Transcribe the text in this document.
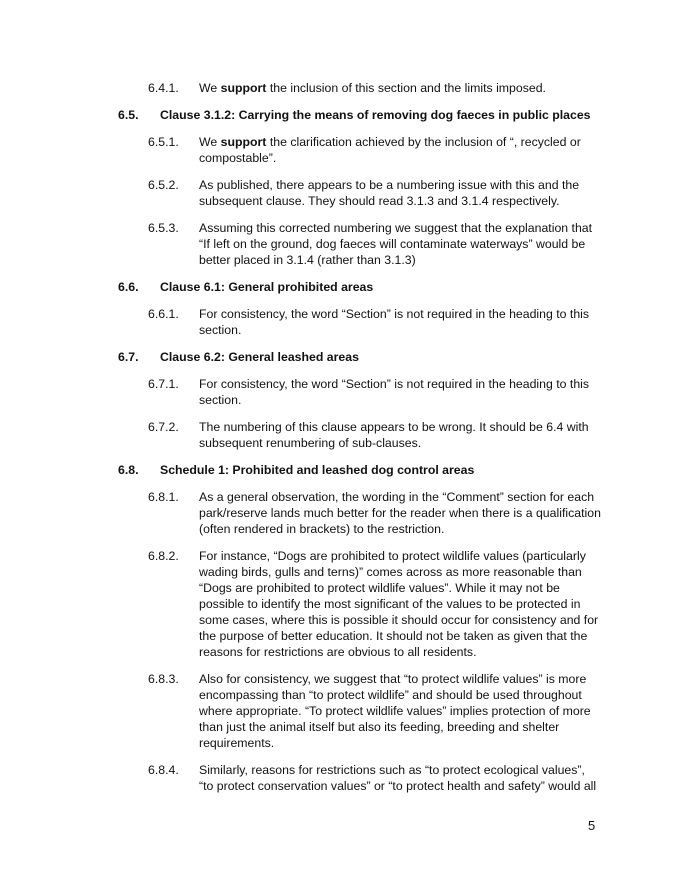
6.4.1. We support the inclusion of this section and the limits imposed.
6.5. Clause 3.1.2: Carrying the means of removing dog faeces in public places
6.5.1. We support the clarification achieved by the inclusion of “, recycled or
compostable”.
6.5.2. As published, there appears to be a numbering issue with this and the
subsequent clause. They should read 3.1.3 and 3.1.4 respectively.
6.5.3. Assuming this corrected numbering we suggest that the explanation that
“If left on the ground, dog faeces will contaminate waterways” would be
better placed in 3.1.4 (rather than 3.1.3)
6.6. Clause 6.1: General prohibited areas
6.6.1. For consistency, the word “Section” is not required in the heading to this
section.
6.7. Clause 6.2: General leashed areas
6.7.1. For consistency, the word “Section” is not required in the heading to this
section.
6.7.2. The numbering of this clause appears to be wrong. It should be 6.4 with
subsequent renumbering of sub-clauses.
6.8. Schedule 1: Prohibited and leashed dog control areas
6.8.1. As a general observation, the wording in the “Comment” section for each
park/reserve lands much better for the reader when there is a qualification
(often rendered in brackets) to the restriction.
6.8.2. For instance, “Dogs are prohibited to protect wildlife values (particularly
wading birds, gulls and terns)” comes across as more reasonable than
“Dogs are prohibited to protect wildlife values”. While it may not be
possible to identify the most significant of the values to be protected in
some cases, where this is possible it should occur for consistency and for
the purpose of better education. It should not be taken as given that the
reasons for restrictions are obvious to all residents.
6.8.3. Also for consistency, we suggest that “to protect wildlife values” is more
encompassing than “to protect wildlife” and should be used throughout
where appropriate. “To protect wildlife values” implies protection of more
than just the animal itself but also its feeding, breeding and shelter
requirements.
6.8.4. Similarly, reasons for restrictions such as “to protect ecological values”,
“to protect conservation values” or “to protect health and safety” would all
5
